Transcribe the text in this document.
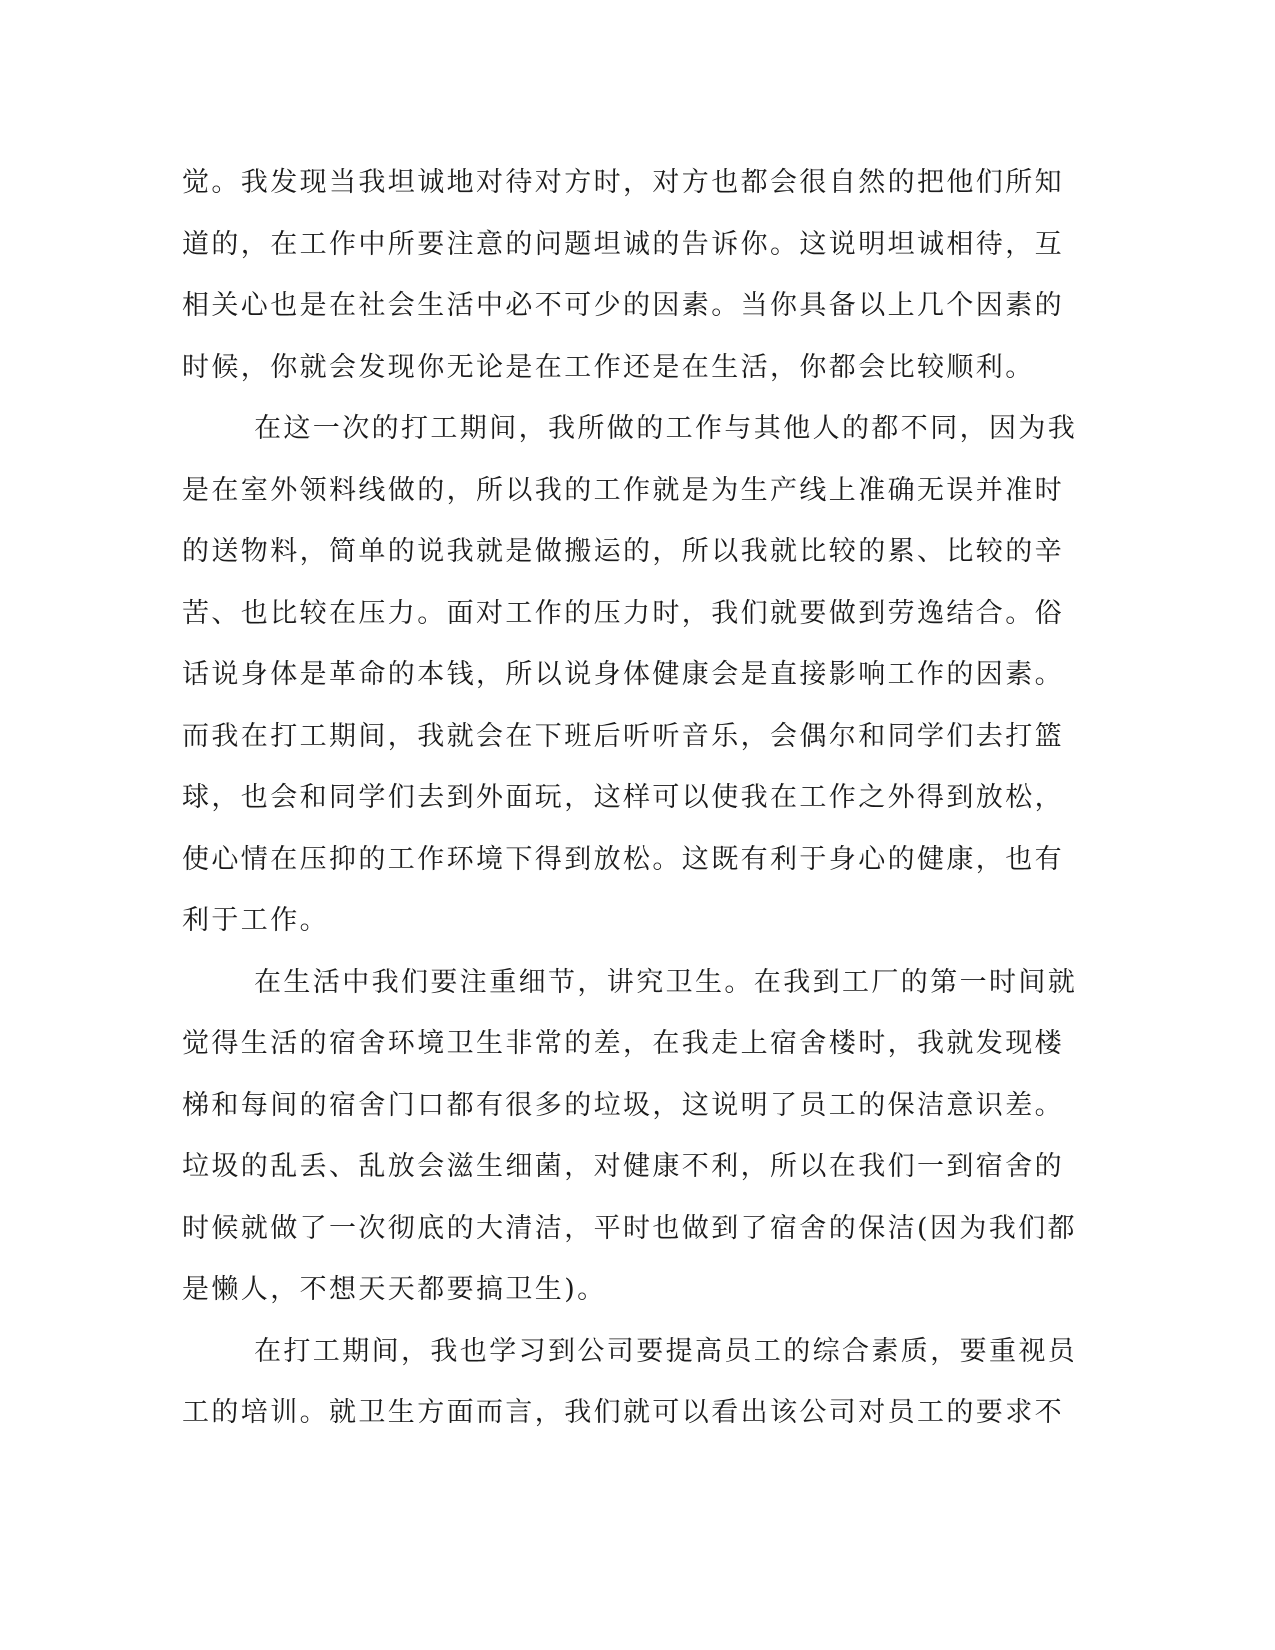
觉。我发现当我坦诚地对待对方时，对方也都会很自然的把他们所知
道的，在工作中所要注意的问题坦诚的告诉你。这说明坦诚相待，互
相关心也是在社会生活中必不可少的因素。当你具备以上几个因素的
时候，你就会发现你无论是在工作还是在生活，你都会比较顺利。
在这一次的打工期间，我所做的工作与其他人的都不同，因为我
是在室外领料线做的，所以我的工作就是为生产线上准确无误并准时
的送物料，简单的说我就是做搬运的，所以我就比较的累、比较的辛
苦、也比较在压力。面对工作的压力时，我们就要做到劳逸结合。俗
话说身体是革命的本钱，所以说身体健康会是直接影响工作的因素。
而我在打工期间，我就会在下班后听听音乐，会偶尔和同学们去打篮
球，也会和同学们去到外面玩，这样可以使我在工作之外得到放松，
使心情在压抑的工作环境下得到放松。这既有利于身心的健康，也有
利于工作。
在生活中我们要注重细节，讲究卫生。在我到工厂的第一时间就
觉得生活的宿舍环境卫生非常的差，在我走上宿舍楼时，我就发现楼
梯和每间的宿舍门口都有很多的垃圾，这说明了员工的保洁意识差。
垃圾的乱丢、乱放会滋生细菌，对健康不利，所以在我们一到宿舍的
时候就做了一次彻底的大清洁，平时也做到了宿舍的保洁(因为我们都
是懒人，不想天天都要搞卫生)。
在打工期间，我也学习到公司要提高员工的综合素质，要重视员
工的培训。就卫生方面而言，我们就可以看出该公司对员工的要求不
